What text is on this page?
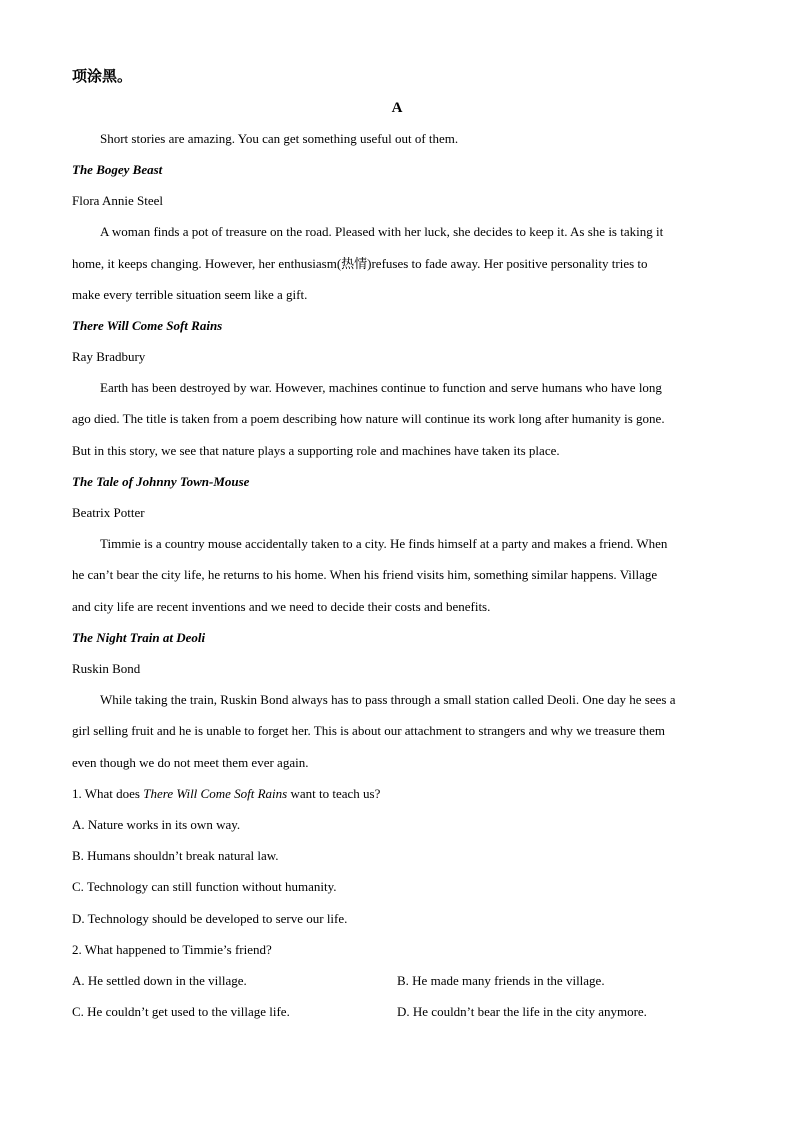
项涂黑。
A
Short stories are amazing. You can get something useful out of them.
The Bogey Beast
Flora Annie Steel
A woman finds a pot of treasure on the road. Pleased with her luck, she decides to keep it. As she is taking it
home, it keeps changing. However, her enthusiasm(热情)refuses to fade away. Her positive personality tries to
make every terrible situation seem like a gift.
There Will Come Soft Rains
Ray Bradbury
Earth has been destroyed by war. However, machines continue to function and serve humans who have long
ago died. The title is taken from a poem describing how nature will continue its work long after humanity is gone.
But in this story, we see that nature plays a supporting role and machines have taken its place.
The Tale of Johnny Town-Mouse
Beatrix Potter
Timmie is a country mouse accidentally taken to a city. He finds himself at a party and makes a friend. When
he can’t bear the city life, he returns to his home. When his friend visits him, something similar happens. Village
and city life are recent inventions and we need to decide their costs and benefits.
The Night Train at Deoli
Ruskin Bond
While taking the train, Ruskin Bond always has to pass through a small station called Deoli. One day he sees a
girl selling fruit and he is unable to forget her. This is about our attachment to strangers and why we treasure them
even though we do not meet them ever again.
1. What does There Will Come Soft Rains want to teach us?
A. Nature works in its own way.
B. Humans shouldn’t break natural law.
C. Technology can still function without humanity.
D. Technology should be developed to serve our life.
2. What happened to Timmie’s friend?
A. He settled down in the village.	B. He made many friends in the village.
C. He couldn’t get used to the village life.	D. He couldn’t bear the life in the city anymore.
